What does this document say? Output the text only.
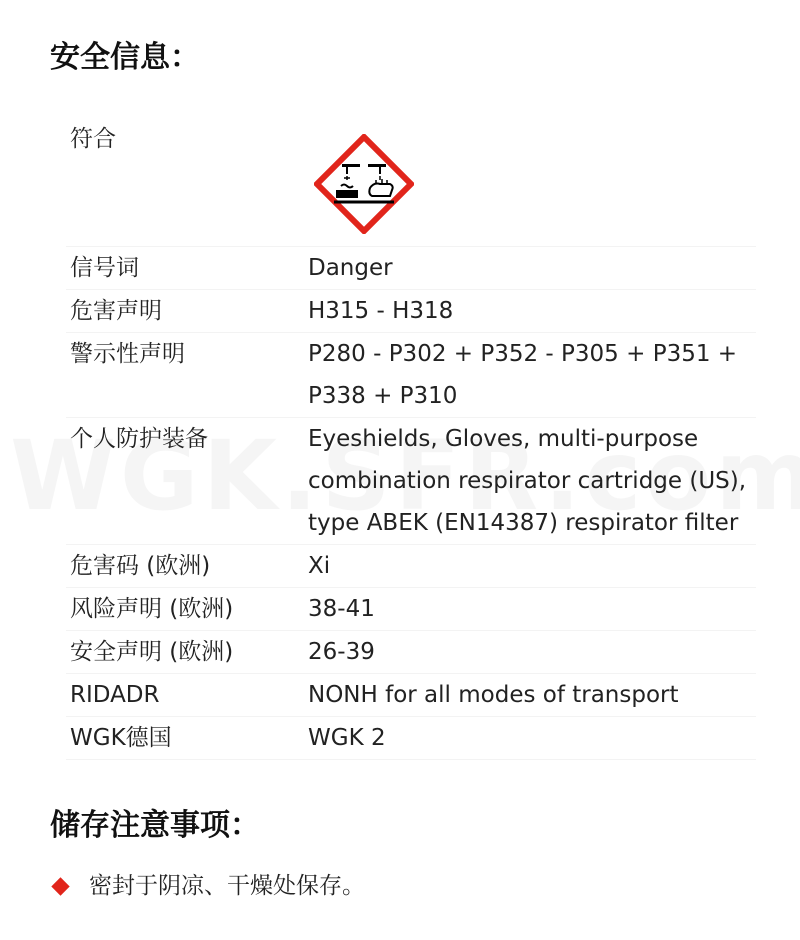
安全信息：
符合
信号词	Danger
危害声明	H315 - H318
警示性声明	P280 - P302 + P352 - P305 + P351 + P338 + P310
个人防护装备	Eyeshields, Gloves, multi-purpose combination respirator cartridge (US), type ABEK (EN14387) respirator filter
危害码 (欧洲)	Xi
风险声明 (欧洲)	38-41
安全声明 (欧洲)	26-39
RIDADR	NONH for all modes of transport
WGK德国	WGK 2
储存注意事项：
密封于阴凉、干燥处保存。
